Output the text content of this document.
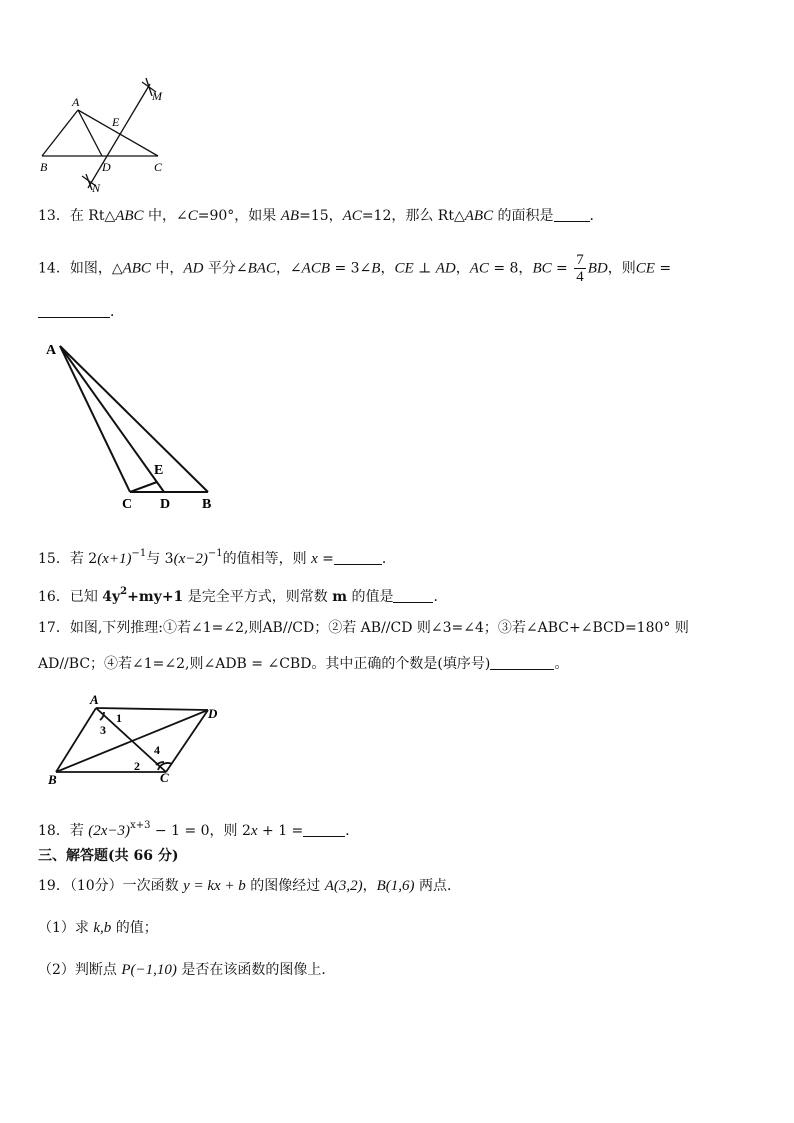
A
B	C
D
E
M
N
13．在 Rt△ABC 中，∠C=90°，如果 AB=15，AC=12，那么 Rt△ABC 的面积是	．
14．如图，△ABC 中，AD 平分∠BAC，∠ACB = 3∠B，CE ⊥ AD，AC = 8，BC = $\frac{7}{4}$ BD，则CE =
．
A
E
C D B
15．若 $2(x+1)^{-1}$与 $3(x-2)^{-1}$的值相等，则 x =	．
16．已知 $4y^2+my+1$ 是完全平方式，则常数 m 的值是	．
17．如图,下列推理:①若∠1=∠2,则AB//CD；②若 AB//CD 则∠3=∠4；③若∠ABC+∠BCD=180° 则
AD//BC；④若∠1=∠2,则∠ADB = ∠CBD。其中正确的个数是(填序号)	。
A
D
B	C
1
2
3
4
18．若 $(2x-3)^{x+3} - 1 = 0$，则 2x + 1 =	．
三、解答题(共 66 分)
19．（10分）一次函数 y = kx + b 的图像经过 A(3,2)，B(1,6) 两点．
（1）求 k,b 的值；
（2）判断点 P(−1,10) 是否在该函数的图像上．
